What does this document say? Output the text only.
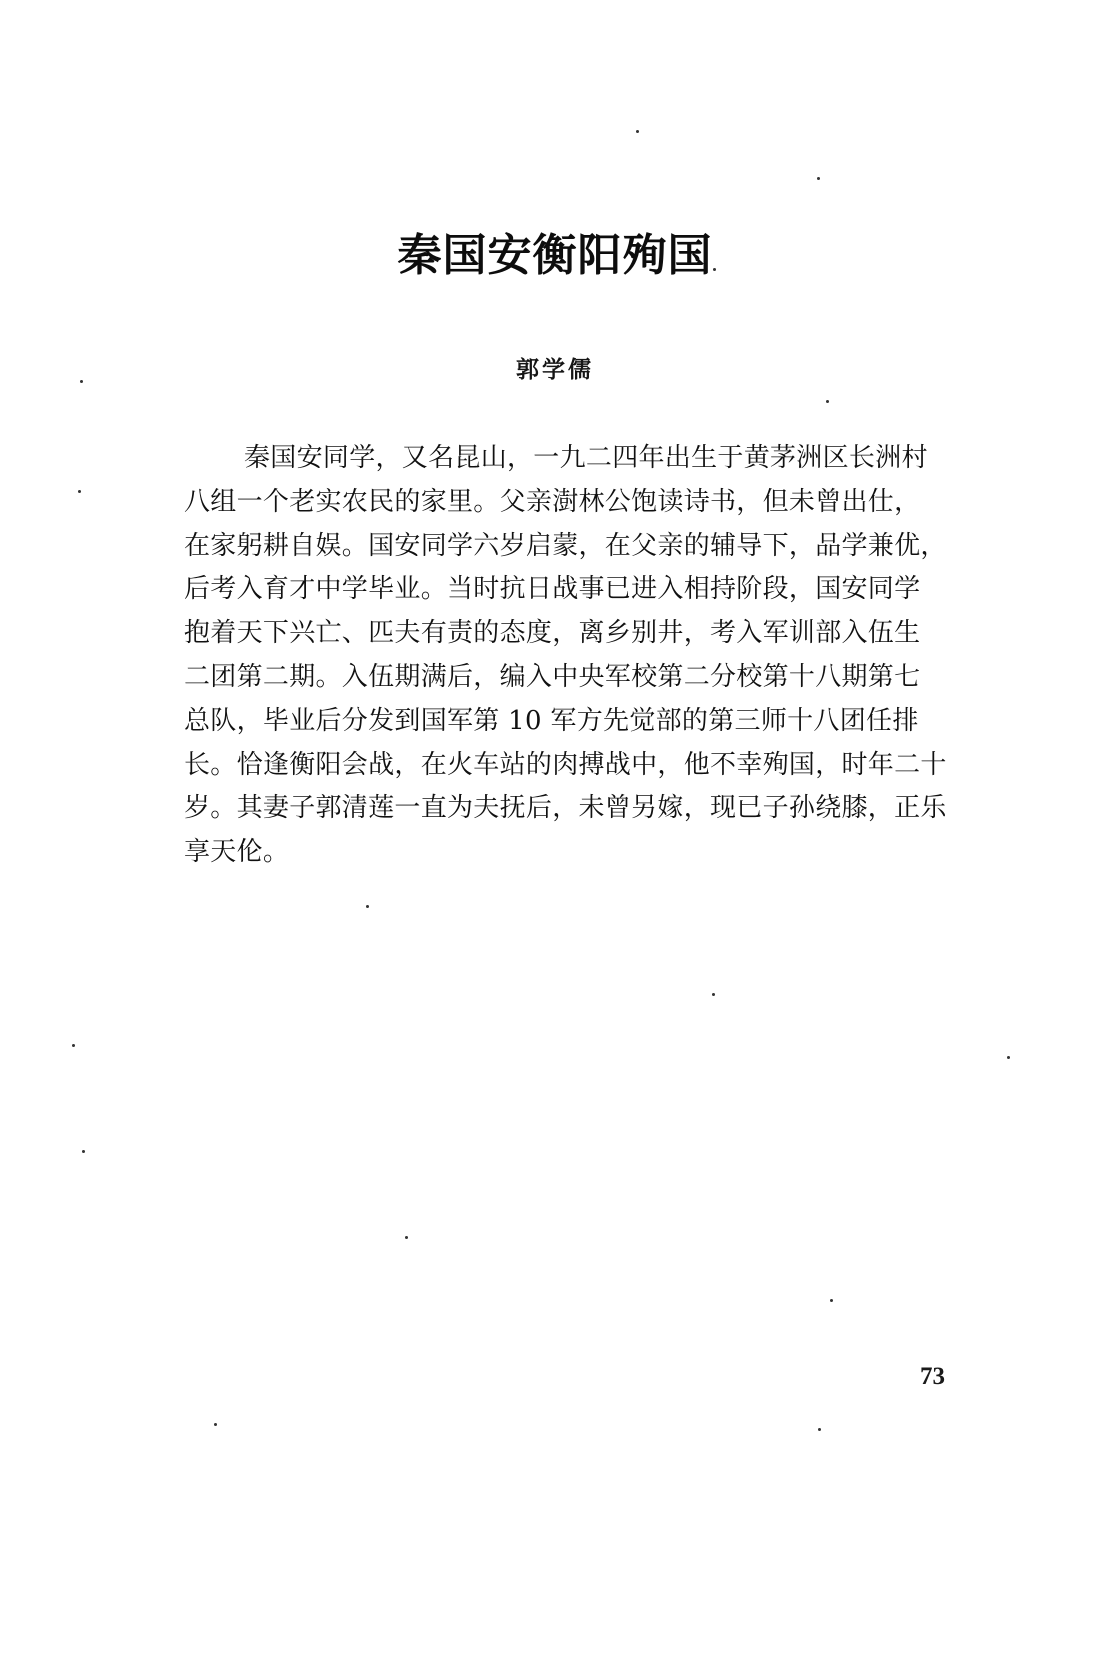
秦国安衡阳殉国
郭学儒
秦国安同学，又名昆山，一九二四年出生于黄茅洲区长洲村
八组一个老实农民的家里。父亲澍林公饱读诗书，但未曾出仕，
在家躬耕自娱。国安同学六岁启蒙，在父亲的辅导下，品学兼优，
后考入育才中学毕业。当时抗日战事已进入相持阶段，国安同学
抱着天下兴亡、匹夫有责的态度，离乡别井，考入军训部入伍生
二团第二期。入伍期满后，编入中央军校第二分校第十八期第七
总队，毕业后分发到国军第 10 军方先觉部的第三师十八团任排
长。恰逢衡阳会战，在火车站的肉搏战中，他不幸殉国，时年二十
岁。其妻子郭清莲一直为夫抚后，未曾另嫁，现已子孙绕膝，正乐
享天伦。
73
